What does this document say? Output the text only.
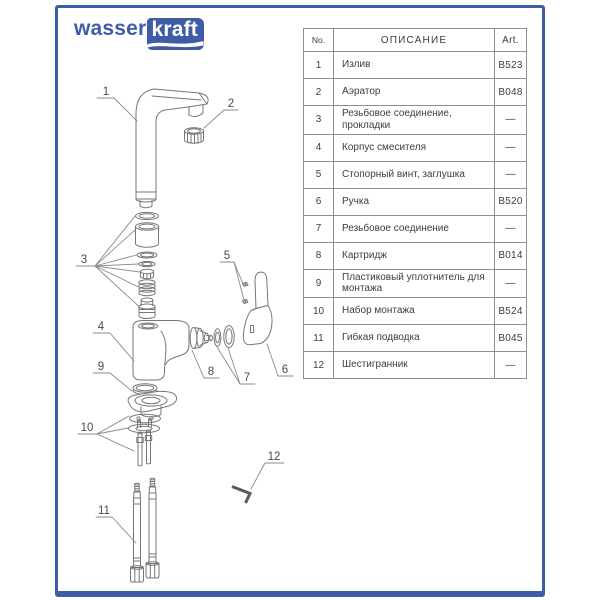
wasser kraft
1
2
3
4
5
6
7
8
9
10
11
12
No.	ОПИСАНИЕ	Art.
1	Излив	B523
2	Аэратор	B048
3	Резьбовое соединение, прокладки	—
4	Корпус смесителя	—
5	Стопорный винт, заглушка	—
6	Ручка	B520
7	Резьбовое соединение	—
8	Картридж	B014
9	Пластиковый уплотнитель для монтажа	—
10	Набор монтажа	B524
11	Гибкая подводка	B045
12	Шестигранник	—
